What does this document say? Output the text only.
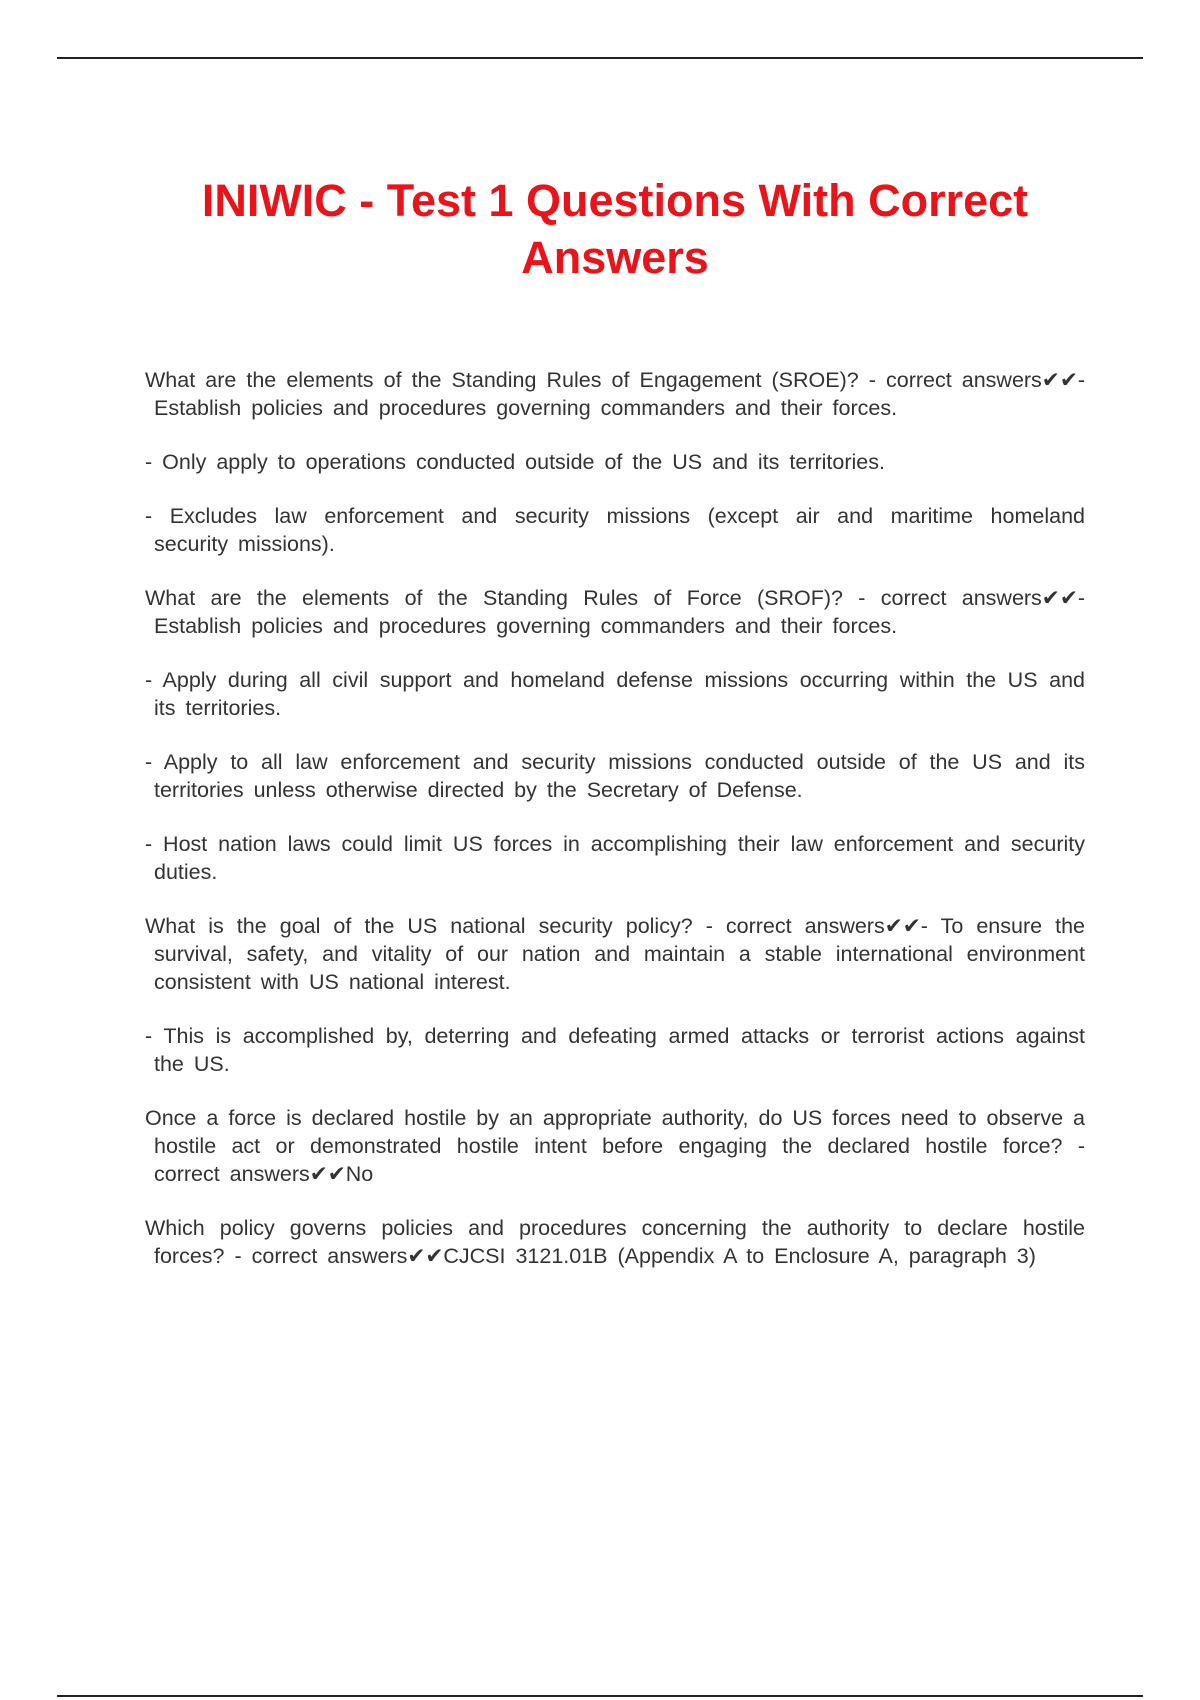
INIWIC - Test 1 Questions With Correct Answers

What are the elements of the Standing Rules of Engagement (SROE)? - correct answers✔✔- Establish policies and procedures governing commanders and their forces.

- Only apply to operations conducted outside of the US and its territories.

- Excludes law enforcement and security missions (except air and maritime homeland security missions).

What are the elements of the Standing Rules of Force (SROF)? - correct answers✔✔- Establish policies and procedures governing commanders and their forces.

- Apply during all civil support and homeland defense missions occurring within the US and its territories.

- Apply to all law enforcement and security missions conducted outside of the US and its territories unless otherwise directed by the Secretary of Defense.

- Host nation laws could limit US forces in accomplishing their law enforcement and security duties.

What is the goal of the US national security policy? - correct answers✔✔- To ensure the survival, safety, and vitality of our nation and maintain a stable international environment consistent with US national interest.

- This is accomplished by, deterring and defeating armed attacks or terrorist actions against the US.

Once a force is declared hostile by an appropriate authority, do US forces need to observe a hostile act or demonstrated hostile intent before engaging the declared hostile force? - correct answers✔✔No

Which policy governs policies and procedures concerning the authority to declare hostile forces? - correct answers✔✔CJCSI 3121.01B (Appendix A to Enclosure A, paragraph 3)
